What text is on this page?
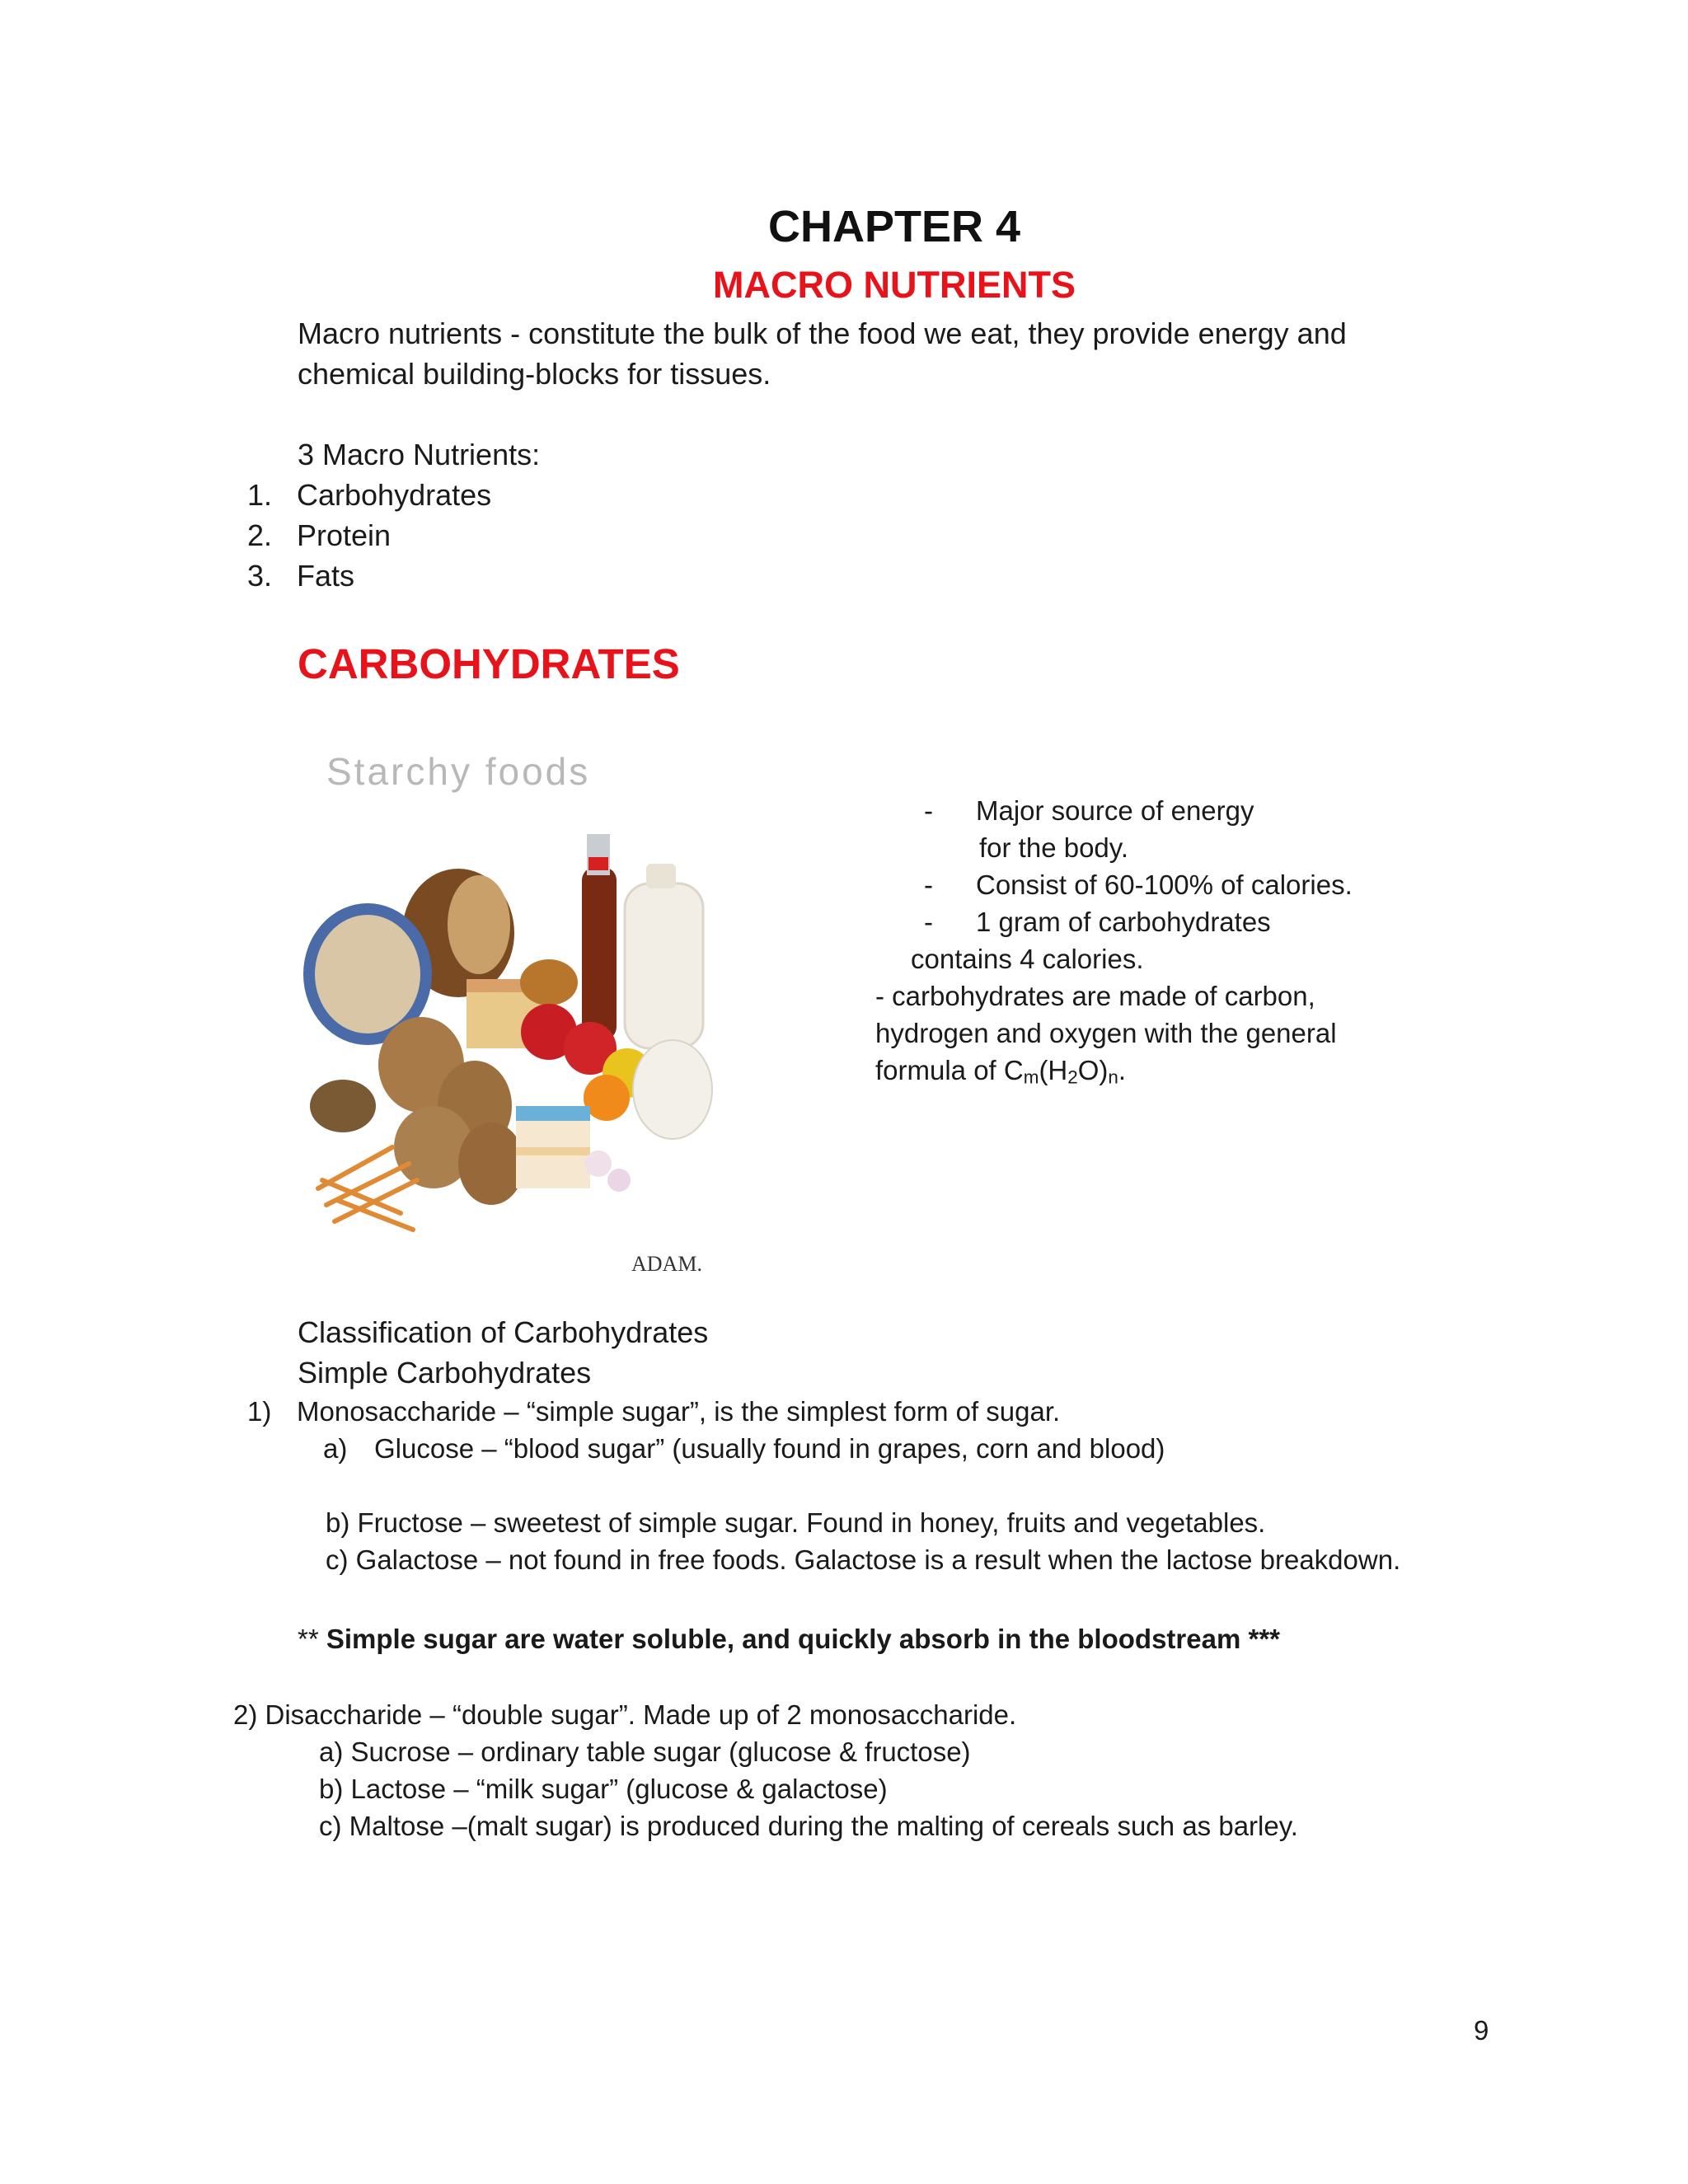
CHAPTER 4
MACRO NUTRIENTS

Macro nutrients - constitute the bulk of the food we eat, they provide energy and

chemical building-blocks for tissues.

3 Macro Nutrients:

1. Carbohydrates
2. Protein
3. Fats
CARBOHYDRATES
Starchy foods
ADAM.
- Major source of energy
for the body.
- Consist of 60-100% of calories.
- 1 gram of carbohydrates
contains 4 calories.
- carbohydrates are made of carbon,
hydrogen and oxygen with the general
formula of $C_m(H_2O)_n$.

Classification of Carbohydrates

Simple Carbohydrates

1) Monosaccharide – “simple sugar”, is the simplest form of sugar.
a) Glucose – “blood sugar” (usually found in grapes, corn and blood)

b) Fructose – sweetest of simple sugar. Found in honey, fruits and vegetables.

c) Galactose – not found in free foods. Galactose is a result when the lactose breakdown.

** Simple sugar are water soluble, and quickly absorb in the bloodstream ***

2) Disaccharide – “double sugar”. Made up of 2 monosaccharide.

a) Sucrose – ordinary table sugar (glucose & fructose)

b) Lactose – “milk sugar” (glucose & galactose)

c) Maltose –(malt sugar) is produced during the malting of cereals such as barley.

9
